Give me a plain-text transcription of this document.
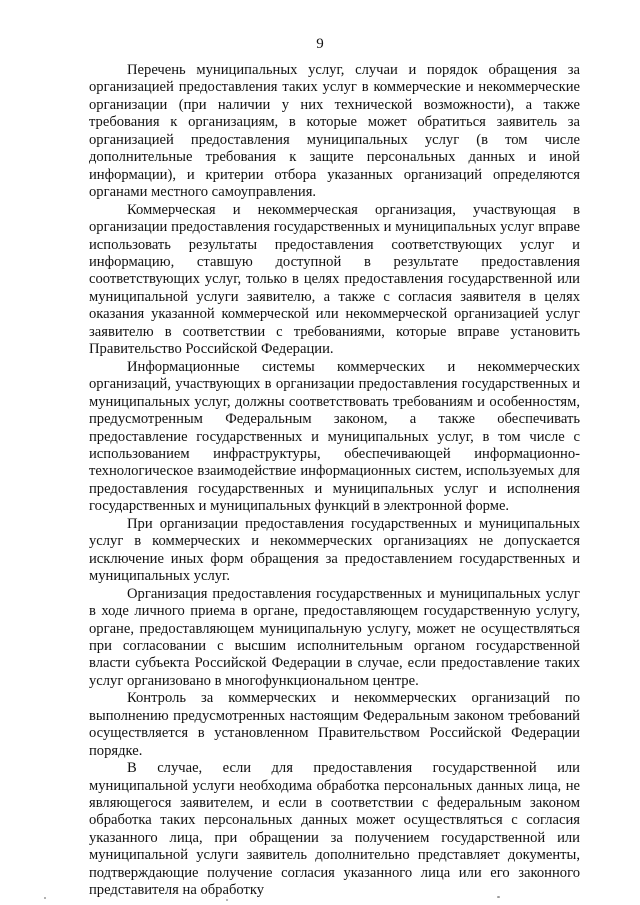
9

Перечень муниципальных услуг, случаи и порядок обращения за организацией предоставления таких услуг в коммерческие и некоммерческие организации (при наличии у них технической возможности), а также требования к организациям, в которые может обратиться заявитель за организацией предоставления муниципальных услуг (в том числе дополнительные требования к защите персональных данных и иной информации), и критерии отбора указанных организаций определяются органами местного самоуправления.

Коммерческая и некоммерческая организация, участвующая в организации предоставления государственных и муниципальных услуг вправе использовать результаты предоставления соответствующих услуг и информацию, ставшую доступной в результате предоставления соответствующих услуг, только в целях предоставления государственной или муниципальной услуги заявителю, а также с согласия заявителя в целях оказания указанной коммерческой или некоммерческой организацией услуг заявителю в соответствии с требованиями, которые вправе установить Правительство Российской Федерации.

Информационные системы коммерческих и некоммерческих организаций, участвующих в организации предоставления государственных и муниципальных услуг, должны соответствовать требованиям и особенностям, предусмотренным Федеральным законом, а также обеспечивать предоставление государственных и муниципальных услуг, в том числе с использованием инфраструктуры, обеспечивающей информационно-технологическое взаимодействие информационных систем, используемых для предоставления государственных и муниципальных услуг и исполнения государственных и муниципальных функций в электронной форме.

При организации предоставления государственных и муниципальных услуг в коммерческих и некоммерческих организациях не допускается исключение иных форм обращения за предоставлением государственных и муниципальных услуг.

Организация предоставления государственных и муниципальных услуг в ходе личного приема в органе, предоставляющем государственную услугу, органе, предоставляющем муниципальную услугу, может не осуществляться при согласовании с высшим исполнительным органом государственной власти субъекта Российской Федерации в случае, если предоставление таких услуг организовано в многофункциональном центре.

Контроль за коммерческих и некоммерческих организаций по выполнению предусмотренных настоящим Федеральным законом требований осуществляется в установленном Правительством Российской Федерации порядке.

В случае, если для предоставления государственной или муниципальной услуги необходима обработка персональных данных лица, не являющегося заявителем, и если в соответствии с федеральным законом обработка таких персональных данных может осуществляться с согласия указанного лица, при обращении за получением государственной или муниципальной услуги заявитель дополнительно представляет документы, подтверждающие получение согласия указанного лица или его законного представителя на обработку
